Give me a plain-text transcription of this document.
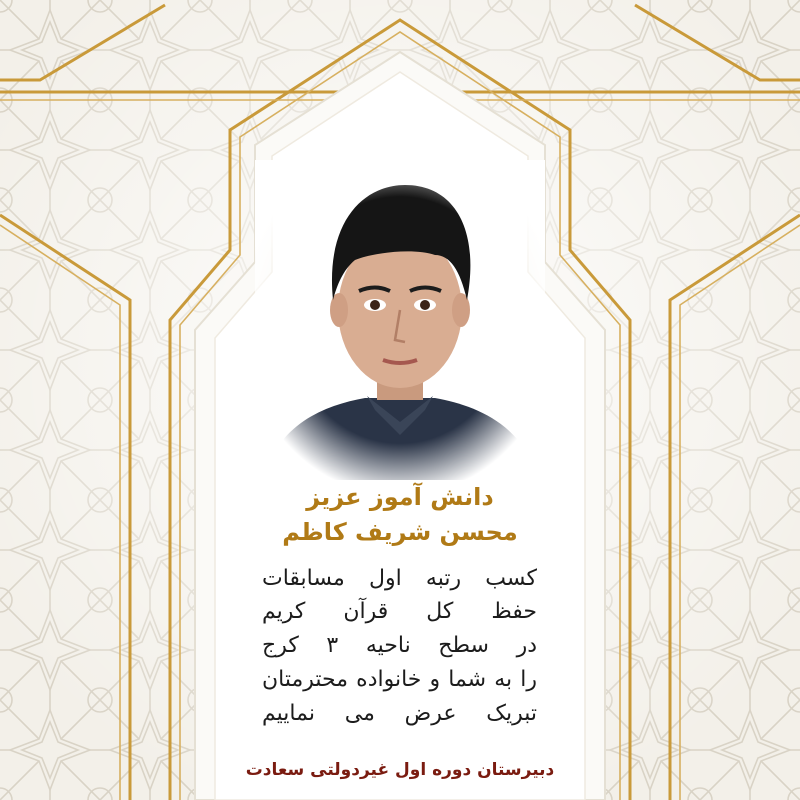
دانش آموز عزیز
محسن شریف کاظم
کسب رتبه اول مسابقات
حفظ کل قرآن کریم
در سطح ناحیه ۳ کرج
را به شما و خانواده محترمتان
تبریک عرض می نماییم
دبیرستان دوره اول غیردولتی سعادت
